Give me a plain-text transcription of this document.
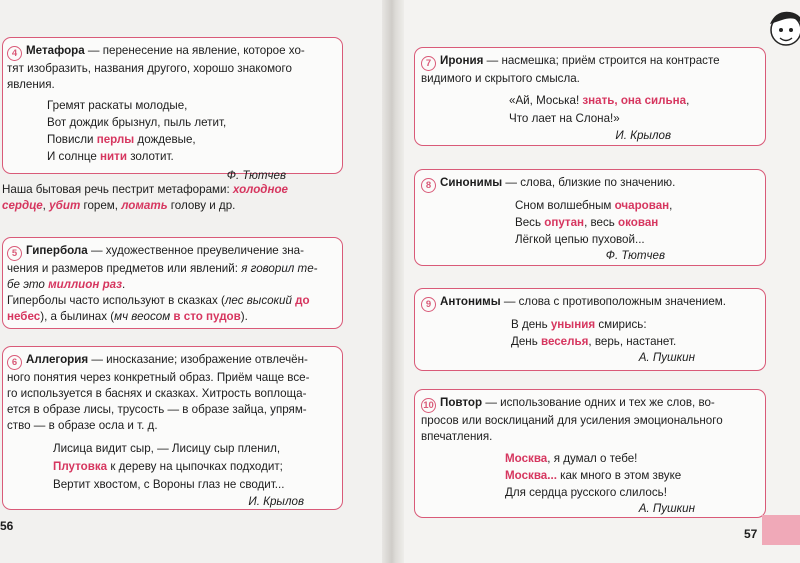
4 Метафора — перенесение на явление, которое хо-
тят изобразить, названия другого, хорошо знакомого
явления.
Гремят раскаты молодые,
Вот дождик брызнул, пыль летит,
Повисли перлы дождевые,
И солнце нити золотит.
Ф. Тютчев
Наша бытовая речь пестрит метафорами: холодное
сердце, убит горем, ломать голову и др.
5 Гипербола — художественное преувеличение зна-
чения и размеров предметов или явлений: я говорил те-
бе это миллион раз.
Гиперболы часто используют в сказках (лес высокий до
небес), а былинах (мч веосом в сто пудов).
6 Аллегория — иносказание; изображение отвлечён-
ного понятия через конкретный образ. Приём чаще все-
го используется в баснях и сказках. Хитрость воплоща-
ется в образе лисы, трусость — в образе зайца, упрям-
ство — в образе осла и т. д.
Лисица видит сыр, — Лисицу сыр пленил,
Плутовка к дереву на цыпочках подходит;
Вертит хвостом, с Вороны глаз не сводит...
И. Крылов
56
7 Ирония — насмешка; приём строится на контрасте
видимого и скрытого смысла.
«Ай, Моська! знать, она сильна,
Что лает на Слона!»
И. Крылов
8 Синонимы — слова, близкие по значению.
Сном волшебным очарован,
Весь опутан, весь окован
Лёгкой цепью пуховой...
Ф. Тютчев
9 Антонимы — слова с противоположным значением.
В день уныния смирись:
День веселья, верь, настанет.
А. Пушкин
10 Повтор — использование одних и тех же слов, во-
просов или восклицаний для усиления эмоционального
впечатления.
Москва, я думал о тебе!
Москва... как много в этом звуке
Для сердца русского слилось!
А. Пушкин
57
